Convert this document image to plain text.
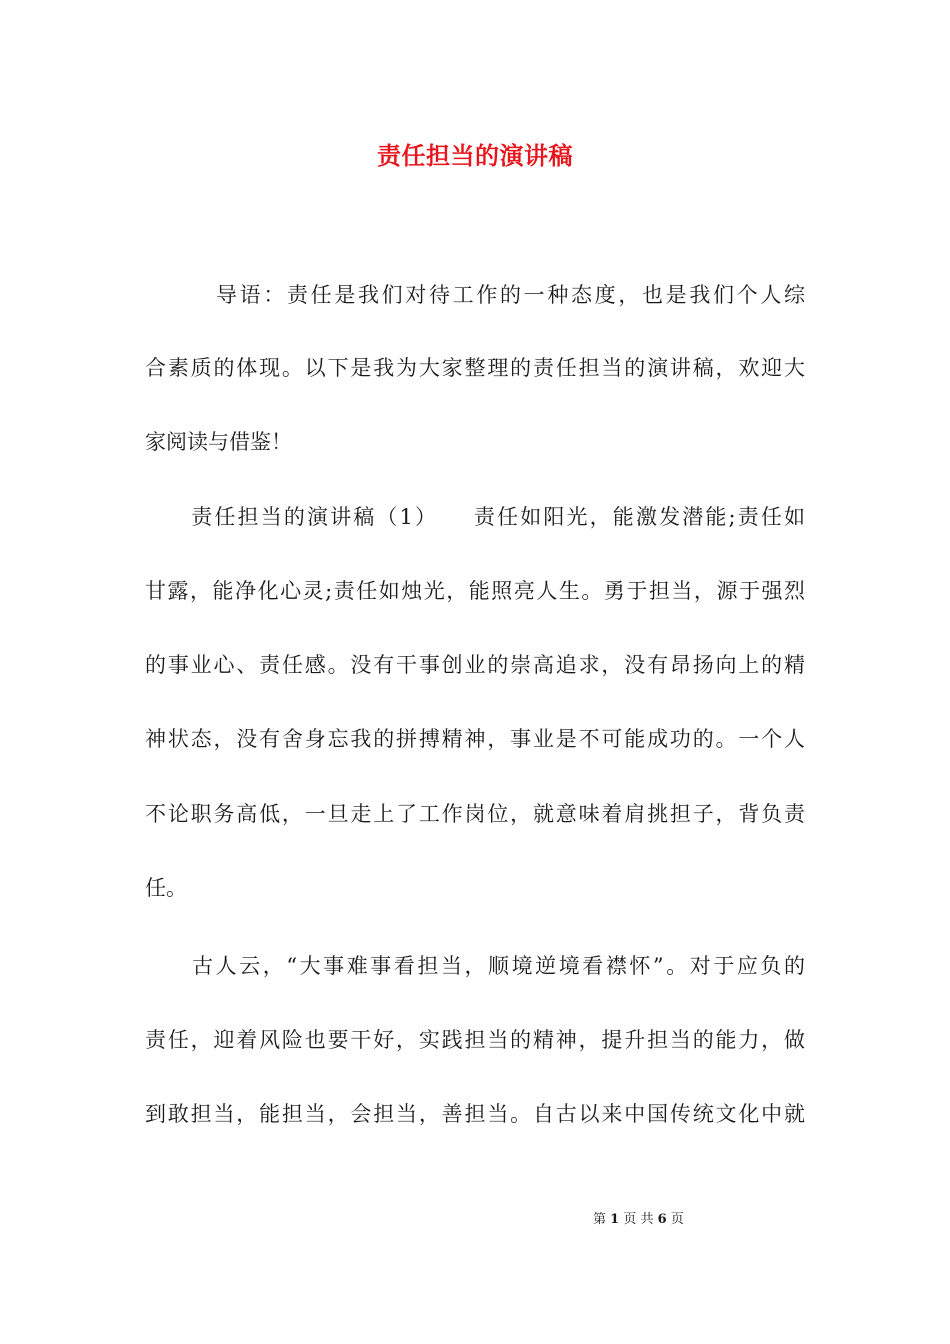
责任担当的演讲稿
　　　导语：责任是我们对待工作的一种态度，也是我们个人综
合素质的体现。以下是我为大家整理的责任担当的演讲稿，欢迎大
家阅读与借鉴！
　　责任担当的演讲稿（1）　　责任如阳光，能激发潜能;责任如
甘露，能净化心灵;责任如烛光，能照亮人生。勇于担当，源于强烈
的事业心、责任感。没有干事创业的崇高追求，没有昂扬向上的精
神状态，没有舍身忘我的拼搏精神，事业是不可能成功的。一个人
不论职务高低，一旦走上了工作岗位，就意味着肩挑担子，背负责
任。
　　古人云，“大事难事看担当，顺境逆境看襟怀”。对于应负的
责任，迎着风险也要干好，实践担当的精神，提升担当的能力，做
到敢担当，能担当，会担当，善担当。自古以来中国传统文化中就
第 1 页 共 6 页
